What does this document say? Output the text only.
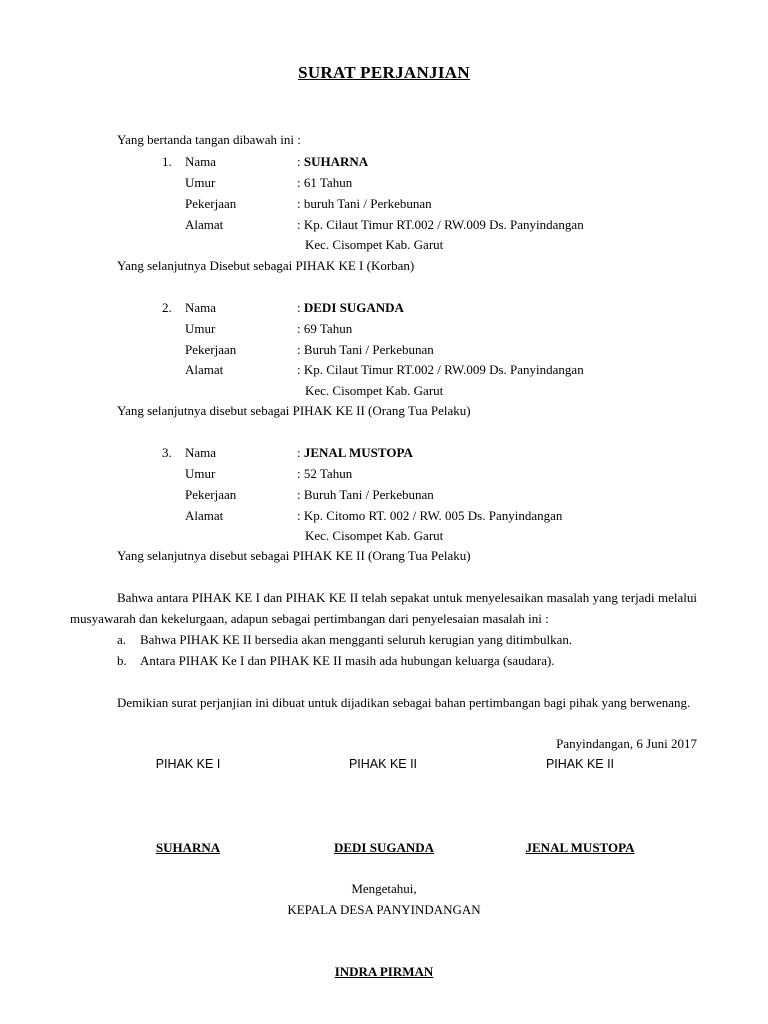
SURAT PERJANJIAN
Yang bertanda tangan dibawah ini :
1. Nama	: SUHARNA
Umur	: 61 Tahun
Pekerjaan	: buruh Tani / Perkebunan
Alamat	: Kp. Cilaut Timur RT.002 / RW.009 Ds. Panyindangan
Kec. Cisompet Kab. Garut
Yang selanjutnya Disebut sebagai PIHAK KE I (Korban)
2. Nama	: DEDI SUGANDA
Umur	: 69 Tahun
Pekerjaan	: Buruh Tani / Perkebunan
Alamat	: Kp. Cilaut Timur RT.002 / RW.009 Ds. Panyindangan
Kec. Cisompet Kab. Garut
Yang selanjutnya disebut sebagai PIHAK KE II (Orang Tua Pelaku)
3. Nama	: JENAL MUSTOPA
Umur	: 52 Tahun
Pekerjaan	: Buruh Tani / Perkebunan
Alamat	: Kp. Citomo RT. 002 / RW. 005 Ds. Panyindangan
Kec. Cisompet Kab. Garut
Yang selanjutnya disebut sebagai PIHAK KE II (Orang Tua Pelaku)
Bahwa antara PIHAK KE I dan PIHAK KE II telah sepakat untuk menyelesaikan masalah yang terjadi melalui musyawarah dan kekelurgaan, adapun sebagai pertimbangan dari penyelesaian masalah ini :
a. Bahwa PIHAK KE II bersedia akan mengganti seluruh kerugian yang ditimbulkan.
b. Antara PIHAK Ke I dan PIHAK KE II masih ada hubungan keluarga (saudara).
Demikian surat perjanjian ini dibuat untuk dijadikan sebagai bahan pertimbangan bagi pihak yang berwenang.
Panyindangan, 6 Juni 2017
PIHAK KE I	PIHAK KE II	PIHAK KE II
SUHARNA	DEDI SUGANDA	JENAL MUSTOPA
Mengetahui,
KEPALA DESA PANYINDANGAN
INDRA PIRMAN
